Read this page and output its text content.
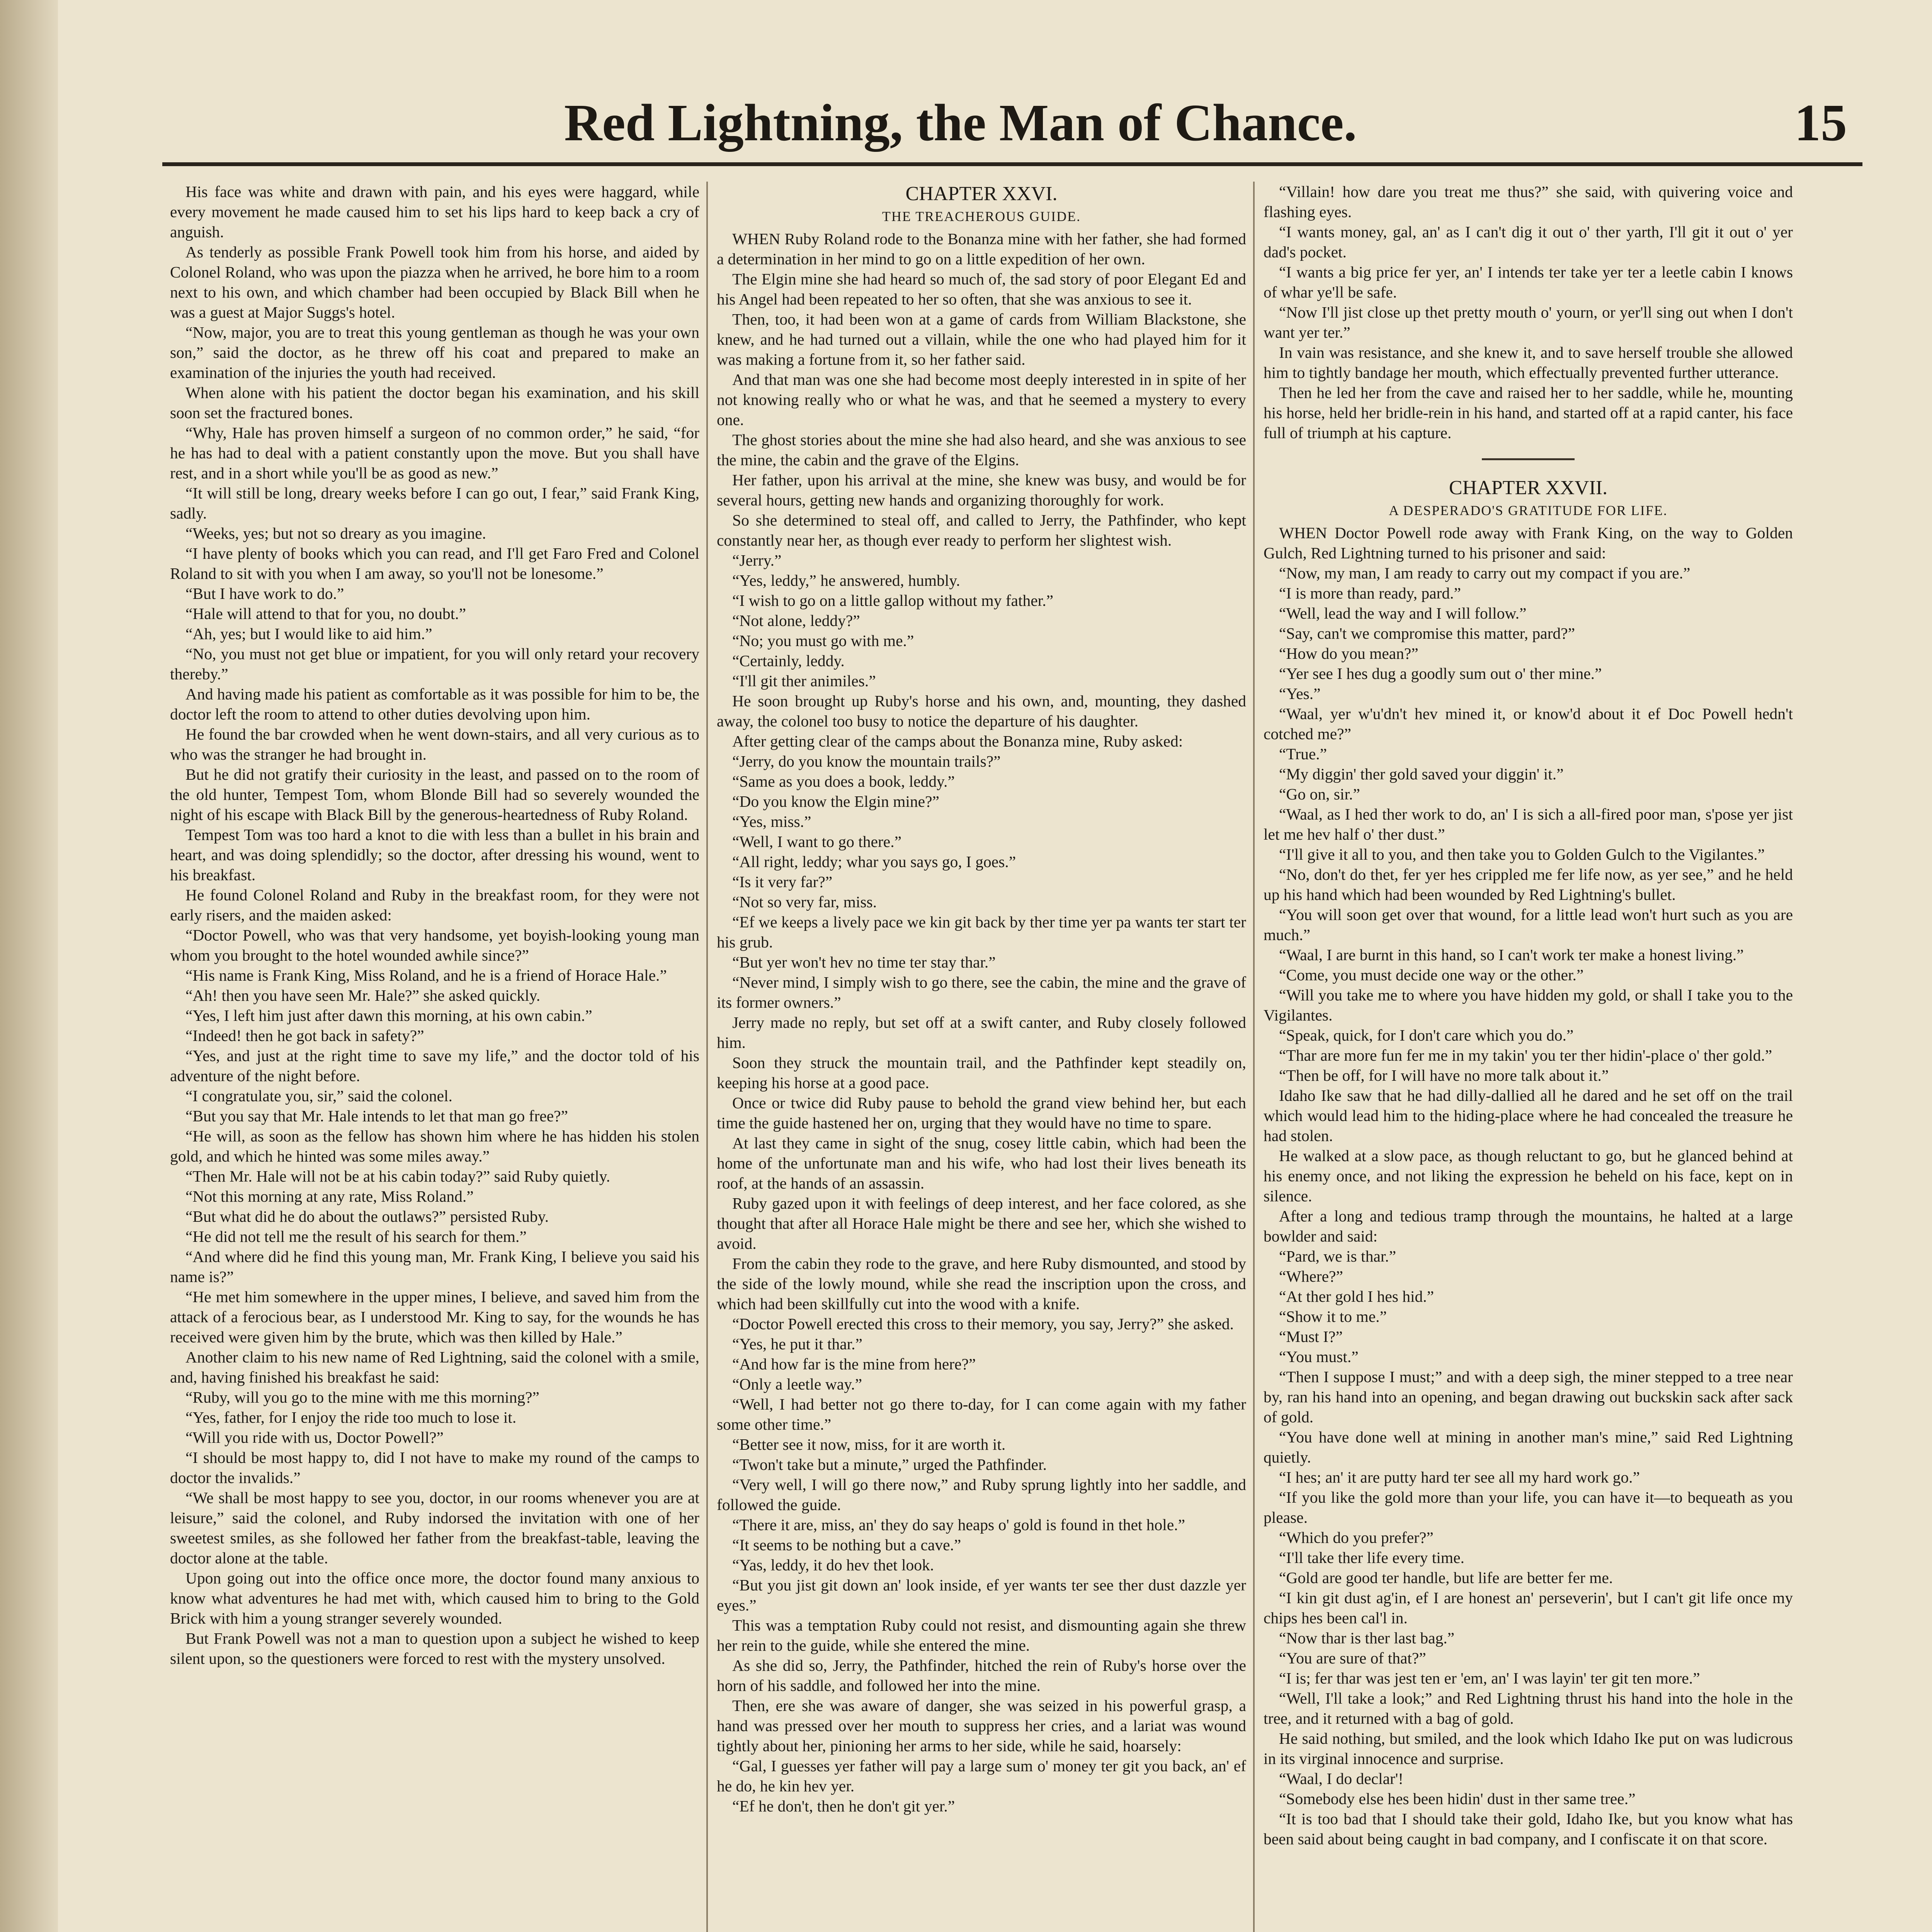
Red Lightning, the Man of Chance.	15

His face was white and drawn with pain, and his eyes were haggard, while every movement he made caused him to set his lips hard to keep back a cry of anguish.

As tenderly as possible Frank Powell took him from his horse, and aided by Colonel Roland, who was upon the piazza when he arrived, he bore him to a room next to his own, and which chamber had been occupied by Black Bill when he was a guest at Major Suggs's hotel.

“Now, major, you are to treat this young gentleman as though he was your own son,” said the doctor, as he threw off his coat and prepared to make an examination of the injuries the youth had received.

When alone with his patient the doctor began his examination, and his skill soon set the fractured bones.

“Why, Hale has proven himself a surgeon of no common order,” he said, “for he has had to deal with a patient constantly upon the move. But you shall have rest, and in a short while you'll be as good as new.”

“It will still be long, dreary weeks before I can go out, I fear,” said Frank King, sadly.

“Weeks, yes; but not so dreary as you imagine.

“I have plenty of books which you can read, and I'll get Faro Fred and Colonel Roland to sit with you when I am away, so you'll not be lonesome.”

“But I have work to do.”

“Hale will attend to that for you, no doubt.”

“Ah, yes; but I would like to aid him.”

“No, you must not get blue or impatient, for you will only retard your recovery thereby.”

And having made his patient as comfortable as it was possible for him to be, the doctor left the room to attend to other duties devolving upon him.

He found the bar crowded when he went down-stairs, and all very curious as to who was the stranger he had brought in.

But he did not gratify their curiosity in the least, and passed on to the room of the old hunter, Tempest Tom, whom Blonde Bill had so severely wounded the night of his escape with Black Bill by the generous-heartedness of Ruby Roland.

Tempest Tom was too hard a knot to die with less than a bullet in his brain and heart, and was doing splendidly; so the doctor, after dressing his wound, went to his breakfast.

He found Colonel Roland and Ruby in the breakfast room, for they were not early risers, and the maiden asked:

“Doctor Powell, who was that very handsome, yet boyish-looking young man whom you brought to the hotel wounded awhile since?”

“His name is Frank King, Miss Roland, and he is a friend of Horace Hale.”

“Ah! then you have seen Mr. Hale?” she asked quickly.

“Yes, I left him just after dawn this morning, at his own cabin.”

“Indeed! then he got back in safety?”

“Yes, and just at the right time to save my life,” and the doctor told of his adventure of the night before.

“I congratulate you, sir,” said the colonel.

“But you say that Mr. Hale intends to let that man go free?”

“He will, as soon as the fellow has shown him where he has hidden his stolen gold, and which he hinted was some miles away.”

“Then Mr. Hale will not be at his cabin today?” said Ruby quietly.

“Not this morning at any rate, Miss Roland.”

“But what did he do about the outlaws?” persisted Ruby.

“He did not tell me the result of his search for them.”

“And where did he find this young man, Mr. Frank King, I believe you said his name is?”

“He met him somewhere in the upper mines, I believe, and saved him from the attack of a ferocious bear, as I understood Mr. King to say, for the wounds he has received were given him by the brute, which was then killed by Hale.”

Another claim to his new name of Red Lightning, said the colonel with a smile, and, having finished his breakfast he said:

“Ruby, will you go to the mine with me this morning?”

“Yes, father, for I enjoy the ride too much to lose it.

“Will you ride with us, Doctor Powell?”

“I should be most happy to, did I not have to make my round of the camps to doctor the invalids.”

“We shall be most happy to see you, doctor, in our rooms whenever you are at leisure,” said the colonel, and Ruby indorsed the invitation with one of her sweetest smiles, as she followed her father from the breakfast-table, leaving the doctor alone at the table.

Upon going out into the office once more, the doctor found many anxious to know what adventures he had met with, which caused him to bring to the Gold Brick with him a young stranger severely wounded.

But Frank Powell was not a man to question upon a subject he wished to keep silent upon, so the questioners were forced to rest with the mystery unsolved.

CHAPTER XXVI.
THE TREACHEROUS GUIDE.

WHEN Ruby Roland rode to the Bonanza mine with her father, she had formed a determination in her mind to go on a little expedition of her own.

The Elgin mine she had heard so much of, the sad story of poor Elegant Ed and his Angel had been repeated to her so often, that she was anxious to see it.

Then, too, it had been won at a game of cards from William Blackstone, she knew, and he had turned out a villain, while the one who had played him for it was making a fortune from it, so her father said.

And that man was one she had become most deeply interested in in spite of her not knowing really who or what he was, and that he seemed a mystery to every one.

The ghost stories about the mine she had also heard, and she was anxious to see the mine, the cabin and the grave of the Elgins.

Her father, upon his arrival at the mine, she knew was busy, and would be for several hours, getting new hands and organizing thoroughly for work.

So she determined to steal off, and called to Jerry, the Pathfinder, who kept constantly near her, as though ever ready to perform her slightest wish.

“Jerry.”

“Yes, leddy,” he answered, humbly.

“I wish to go on a little gallop without my father.”

“Not alone, leddy?”

“No; you must go with me.”

“Certainly, leddy.

“I'll git ther animiles.”

He soon brought up Ruby's horse and his own, and, mounting, they dashed away, the colonel too busy to notice the departure of his daughter.

After getting clear of the camps about the Bonanza mine, Ruby asked:

“Jerry, do you know the mountain trails?”

“Same as you does a book, leddy.”

“Do you know the Elgin mine?”

“Yes, miss.”

“Well, I want to go there.”

“All right, leddy; whar you says go, I goes.”

“Is it very far?”

“Not so very far, miss.

“Ef we keeps a lively pace we kin git back by ther time yer pa wants ter start ter his grub.

“But yer won't hev no time ter stay thar.”

“Never mind, I simply wish to go there, see the cabin, the mine and the grave of its former owners.”

Jerry made no reply, but set off at a swift canter, and Ruby closely followed him.

Soon they struck the mountain trail, and the Pathfinder kept steadily on, keeping his horse at a good pace.

Once or twice did Ruby pause to behold the grand view behind her, but each time the guide hastened her on, urging that they would have no time to spare.

At last they came in sight of the snug, cosey little cabin, which had been the home of the unfortunate man and his wife, who had lost their lives beneath its roof, at the hands of an assassin.

Ruby gazed upon it with feelings of deep interest, and her face colored, as she thought that after all Horace Hale might be there and see her, which she wished to avoid.

From the cabin they rode to the grave, and here Ruby dismounted, and stood by the side of the lowly mound, while she read the inscription upon the cross, and which had been skillfully cut into the wood with a knife.

“Doctor Powell erected this cross to their memory, you say, Jerry?” she asked.

“Yes, he put it thar.”

“And how far is the mine from here?”

“Only a leetle way.”

“Well, I had better not go there to-day, for I can come again with my father some other time.”

“Better see it now, miss, for it are worth it.

“Twon't take but a minute,” urged the Pathfinder.

“Very well, I will go there now,” and Ruby sprung lightly into her saddle, and followed the guide.

“There it are, miss, an' they do say heaps o' gold is found in thet hole.”

“It seems to be nothing but a cave.”

“Yas, leddy, it do hev thet look.

“But you jist git down an' look inside, ef yer wants ter see ther dust dazzle yer eyes.”

This was a temptation Ruby could not resist, and dismounting again she threw her rein to the guide, while she entered the mine.

As she did so, Jerry, the Pathfinder, hitched the rein of Ruby's horse over the horn of his saddle, and followed her into the mine.

Then, ere she was aware of danger, she was seized in his powerful grasp, a hand was pressed over her mouth to suppress her cries, and a lariat was wound tightly about her, pinioning her arms to her side, while he said, hoarsely:

“Gal, I guesses yer father will pay a large sum o' money ter git you back, an' ef he do, he kin hev yer.

“Ef he don't, then he don't git yer.”

“Villain! how dare you treat me thus?” she said, with quivering voice and flashing eyes.

“I wants money, gal, an' as I can't dig it out o' ther yarth, I'll git it out o' yer dad's pocket.

“I wants a big price fer yer, an' I intends ter take yer ter a leetle cabin I knows of whar ye'll be safe.

“Now I'll jist close up thet pretty mouth o' yourn, or yer'll sing out when I don't want yer ter.”

In vain was resistance, and she knew it, and to save herself trouble she allowed him to tightly bandage her mouth, which effectually prevented further utterance.

Then he led her from the cave and raised her to her saddle, while he, mounting his horse, held her bridle-rein in his hand, and started off at a rapid canter, his face full of triumph at his capture.

CHAPTER XXVII.
A DESPERADO'S GRATITUDE FOR LIFE.

WHEN Doctor Powell rode away with Frank King, on the way to Golden Gulch, Red Lightning turned to his prisoner and said:

“Now, my man, I am ready to carry out my compact if you are.”

“I is more than ready, pard.”

“Well, lead the way and I will follow.”

“Say, can't we compromise this matter, pard?”

“How do you mean?”

“Yer see I hes dug a goodly sum out o' ther mine.”

“Yes.”

“Waal, yer w'u'dn't hev mined it, or know'd about it ef Doc Powell hedn't cotched me?”

“True.”

“My diggin' ther gold saved your diggin' it.”

“Go on, sir.”

“Waal, as I hed ther work to do, an' I is sich a all-fired poor man, s'pose yer jist let me hev half o' ther dust.”

“I'll give it all to you, and then take you to Golden Gulch to the Vigilantes.”

“No, don't do thet, fer yer hes crippled me fer life now, as yer see,” and he held up his hand which had been wounded by Red Lightning's bullet.

“You will soon get over that wound, for a little lead won't hurt such as you are much.”

“Waal, I are burnt in this hand, so I can't work ter make a honest living.”

“Come, you must decide one way or the other.”

“Will you take me to where you have hidden my gold, or shall I take you to the Vigilantes.

“Speak, quick, for I don't care which you do.”

“Thar are more fun fer me in my takin' you ter ther hidin'-place o' ther gold.”

“Then be off, for I will have no more talk about it.”

Idaho Ike saw that he had dilly-dallied all he dared and he set off on the trail which would lead him to the hiding-place where he had concealed the treasure he had stolen.

He walked at a slow pace, as though reluctant to go, but he glanced behind at his enemy once, and not liking the expression he beheld on his face, kept on in silence.

After a long and tedious tramp through the mountains, he halted at a large bowlder and said:

“Pard, we is thar.”

“Where?”

“At ther gold I hes hid.”

“Show it to me.”

“Must I?”

“You must.”

“Then I suppose I must;” and with a deep sigh, the miner stepped to a tree near by, ran his hand into an opening, and began drawing out buckskin sack after sack of gold.

“You have done well at mining in another man's mine,” said Red Lightning quietly.

“I hes; an' it are putty hard ter see all my hard work go.”

“If you like the gold more than your life, you can have it—to bequeath as you please.

“Which do you prefer?”

“I'll take ther life every time.

“Gold are good ter handle, but life are better fer me.

“I kin git dust ag'in, ef I are honest an' perseverin', but I can't git life once my chips hes been cal'l in.

“Now thar is ther last bag.”

“You are sure of that?”

“I is; fer thar was jest ten er 'em, an' I was layin' ter git ten more.”

“Well, I'll take a look;” and Red Lightning thrust his hand into the hole in the tree, and it returned with a bag of gold.

He said nothing, but smiled, and the look which Idaho Ike put on was ludicrous in its virginal innocence and surprise.

“Waal, I do declar'!

“Somebody else hes been hidin' dust in ther same tree.”

“It is too bad that I should take their gold, Idaho Ike, but you know what has been said about being caught in bad company, and I confiscate it on that score.
